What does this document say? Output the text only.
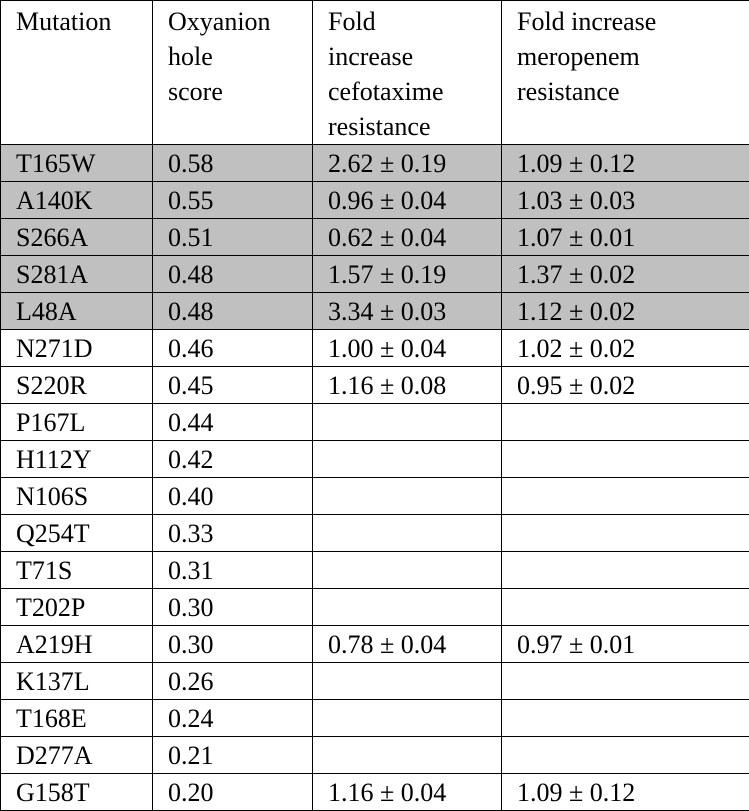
Mutation	Oxyanion
hole
score	Fold
increase
cefotaxime
resistance	Fold increase
meropenem
resistance

T165W	0.58	2.62 ± 0.19	1.09 ± 0.12
A140K	0.55	0.96 ± 0.04	1.03 ± 0.03
S266A	0.51	0.62 ± 0.04	1.07 ± 0.01
S281A	0.48	1.57 ± 0.19	1.37 ± 0.02
L48A	0.48	3.34 ± 0.03	1.12 ± 0.02
N271D	0.46	1.00 ± 0.04	1.02 ± 0.02
S220R	0.45	1.16 ± 0.08	0.95 ± 0.02
P167L	0.44		
H112Y	0.42		
N106S	0.40		
Q254T	0.33		
T71S	0.31		
T202P	0.30		
A219H	0.30	0.78 ± 0.04	0.97 ± 0.01
K137L	0.26		
T168E	0.24		
D277A	0.21		
G158T	0.20	1.16 ± 0.04	1.09 ± 0.12
